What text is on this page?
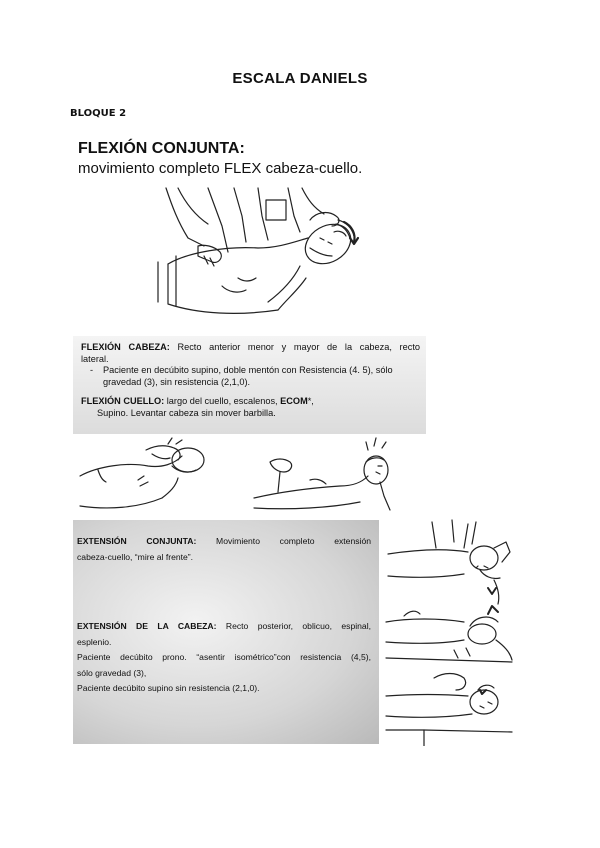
ESCALA DANIELS
BLOQUE 2
FLEXIÓN CONJUNTA:
movimiento completo FLEX cabeza-cuello.
FLEXIÓN CABEZA: Recto anterior menor y mayor de la cabeza, recto
lateral.
- Paciente en decúbito supino, doble mentón con Resistencia (4. 5), sólo
gravedad (3), sin resistencia (2,1,0).
FLEXIÓN CUELLO: largo del cuello, escalenos, ECOM*,
Supino. Levantar cabeza sin mover barbilla.

EXTENSIÓN CONJUNTA: Movimiento completo extensión

cabeza-cuello, “mire al frente”.

EXTENSIÓN DE LA CABEZA: Recto posterior, oblicuo, espinal,

esplenio.

Paciente decúbito prono. “asentir isométrico”con resistencia (4,5),

sólo gravedad (3),

Paciente decúbito supino sin resistencia (2,1,0).
